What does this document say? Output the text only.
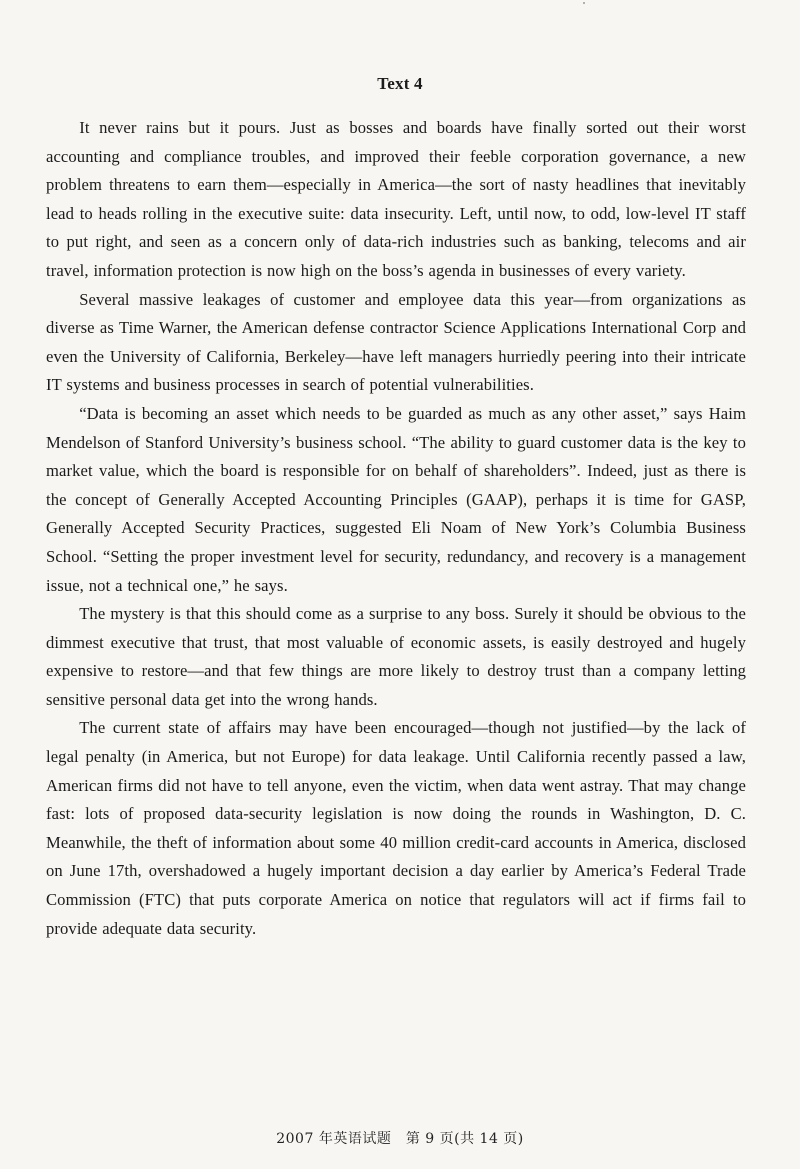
Text 4

It never rains but it pours. Just as bosses and boards have finally sorted out their worst accounting and compliance troubles, and improved their feeble corporation governance, a new problem threatens to earn them—especially in America—the sort of nasty headlines that inevitably lead to heads rolling in the executive suite: data insecurity. Left, until now, to odd, low-level IT staff to put right, and seen as a concern only of data-rich industries such as banking, telecoms and air travel, information protection is now high on the boss’s agenda in businesses of every variety.

Several massive leakages of customer and employee data this year—from organizations as diverse as Time Warner, the American defense contractor Science Applications International Corp and even the University of California, Berkeley—have left managers hurriedly peering into their intricate IT systems and business processes in search of potential vulnerabilities.

“Data is becoming an asset which needs to be guarded as much as any other asset,” says Haim Mendelson of Stanford University’s business school. “The ability to guard customer data is the key to market value, which the board is responsible for on behalf of shareholders”. Indeed, just as there is the concept of Generally Accepted Accounting Principles (GAAP), perhaps it is time for GASP, Generally Accepted Security Practices, suggested Eli Noam of New York’s Columbia Business School. “Setting the proper investment level for security, redundancy, and recovery is a management issue, not a technical one,” he says.

The mystery is that this should come as a surprise to any boss. Surely it should be obvious to the dimmest executive that trust, that most valuable of economic assets, is easily destroyed and hugely expensive to restore—and that few things are more likely to destroy trust than a company letting sensitive personal data get into the wrong hands.

The current state of affairs may have been encouraged—though not justified—by the lack of legal penalty (in America, but not Europe) for data leakage. Until California recently passed a law, American firms did not have to tell anyone, even the victim, when data went astray. That may change fast: lots of proposed data-security legislation is now doing the rounds in Washington, D. C. Meanwhile, the theft of information about some 40 million credit-card accounts in America, disclosed on June 17th, overshadowed a hugely important decision a day earlier by America’s Federal Trade Commission (FTC) that puts corporate America on notice that regulators will act if firms fail to provide adequate data security.

2007 年英语试题　第 9 页(共 14 页)
